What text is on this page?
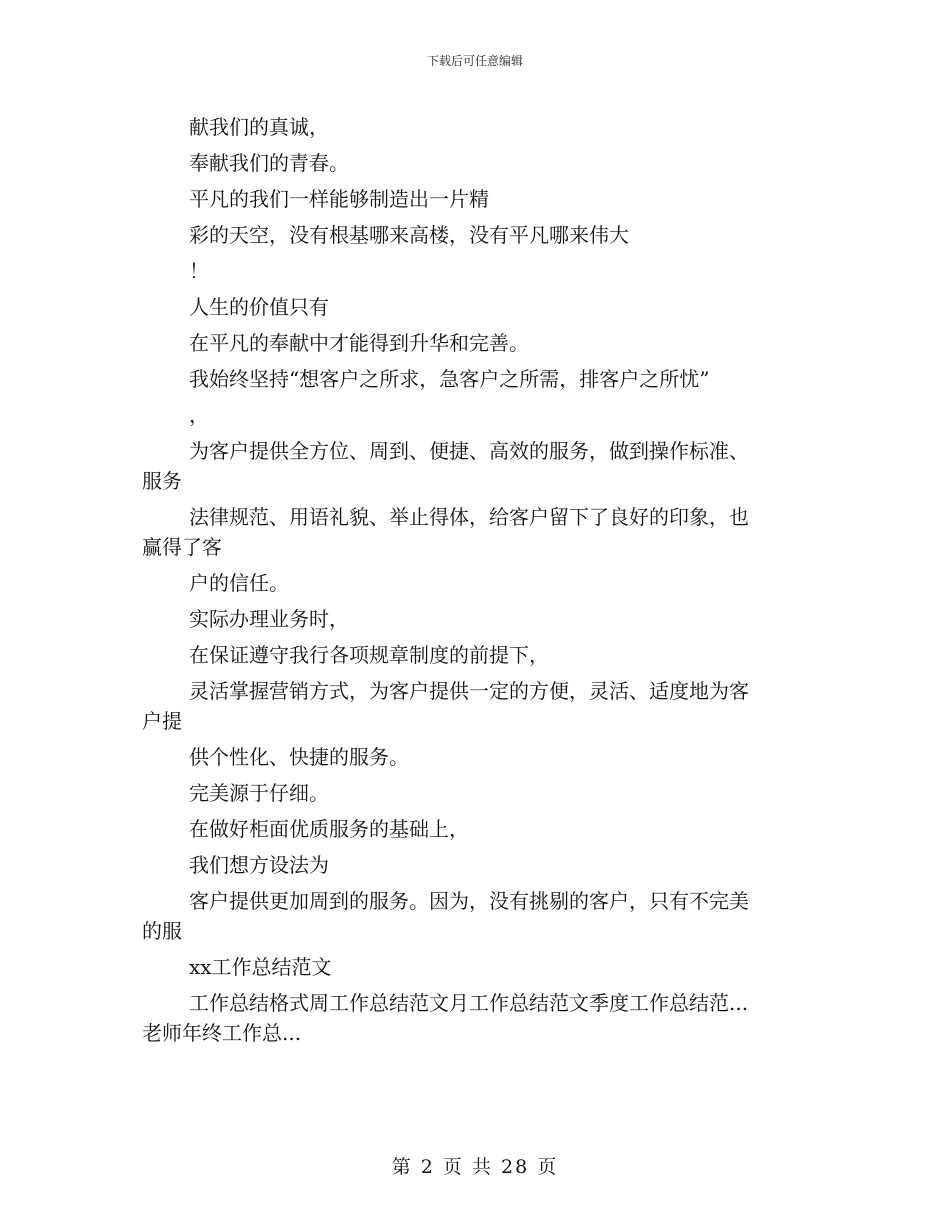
下载后可任意编辑

献我们的真诚，

奉献我们的青春。

平凡的我们一样能够制造出一片精

彩的天空，没有根基哪来高楼，没有平凡哪来伟大

！

人生的价值只有

在平凡的奉献中才能得到升华和完善。

我始终坚持“想客户之所求，急客户之所需，排客户之所忧”

，

为客户提供全方位、周到、便捷、高效的服务，做到操作标准、

服务

法律规范、用语礼貌、举止得体，给客户留下了良好的印象，也

赢得了客

户的信任。

实际办理业务时，

在保证遵守我行各项规章制度的前提下，

灵活掌握营销方式，为客户提供一定的方便，灵活、适度地为客

户提

供个性化、快捷的服务。

完美源于仔细。

在做好柜面优质服务的基础上，

我们想方设法为

客户提供更加周到的服务。因为，没有挑剔的客户，只有不完美

的服

xx工作总结范文

工作总结格式周工作总结范文月工作总结范文季度工作总结范...

老师年终工作总...

第 2 页 共 28 页
